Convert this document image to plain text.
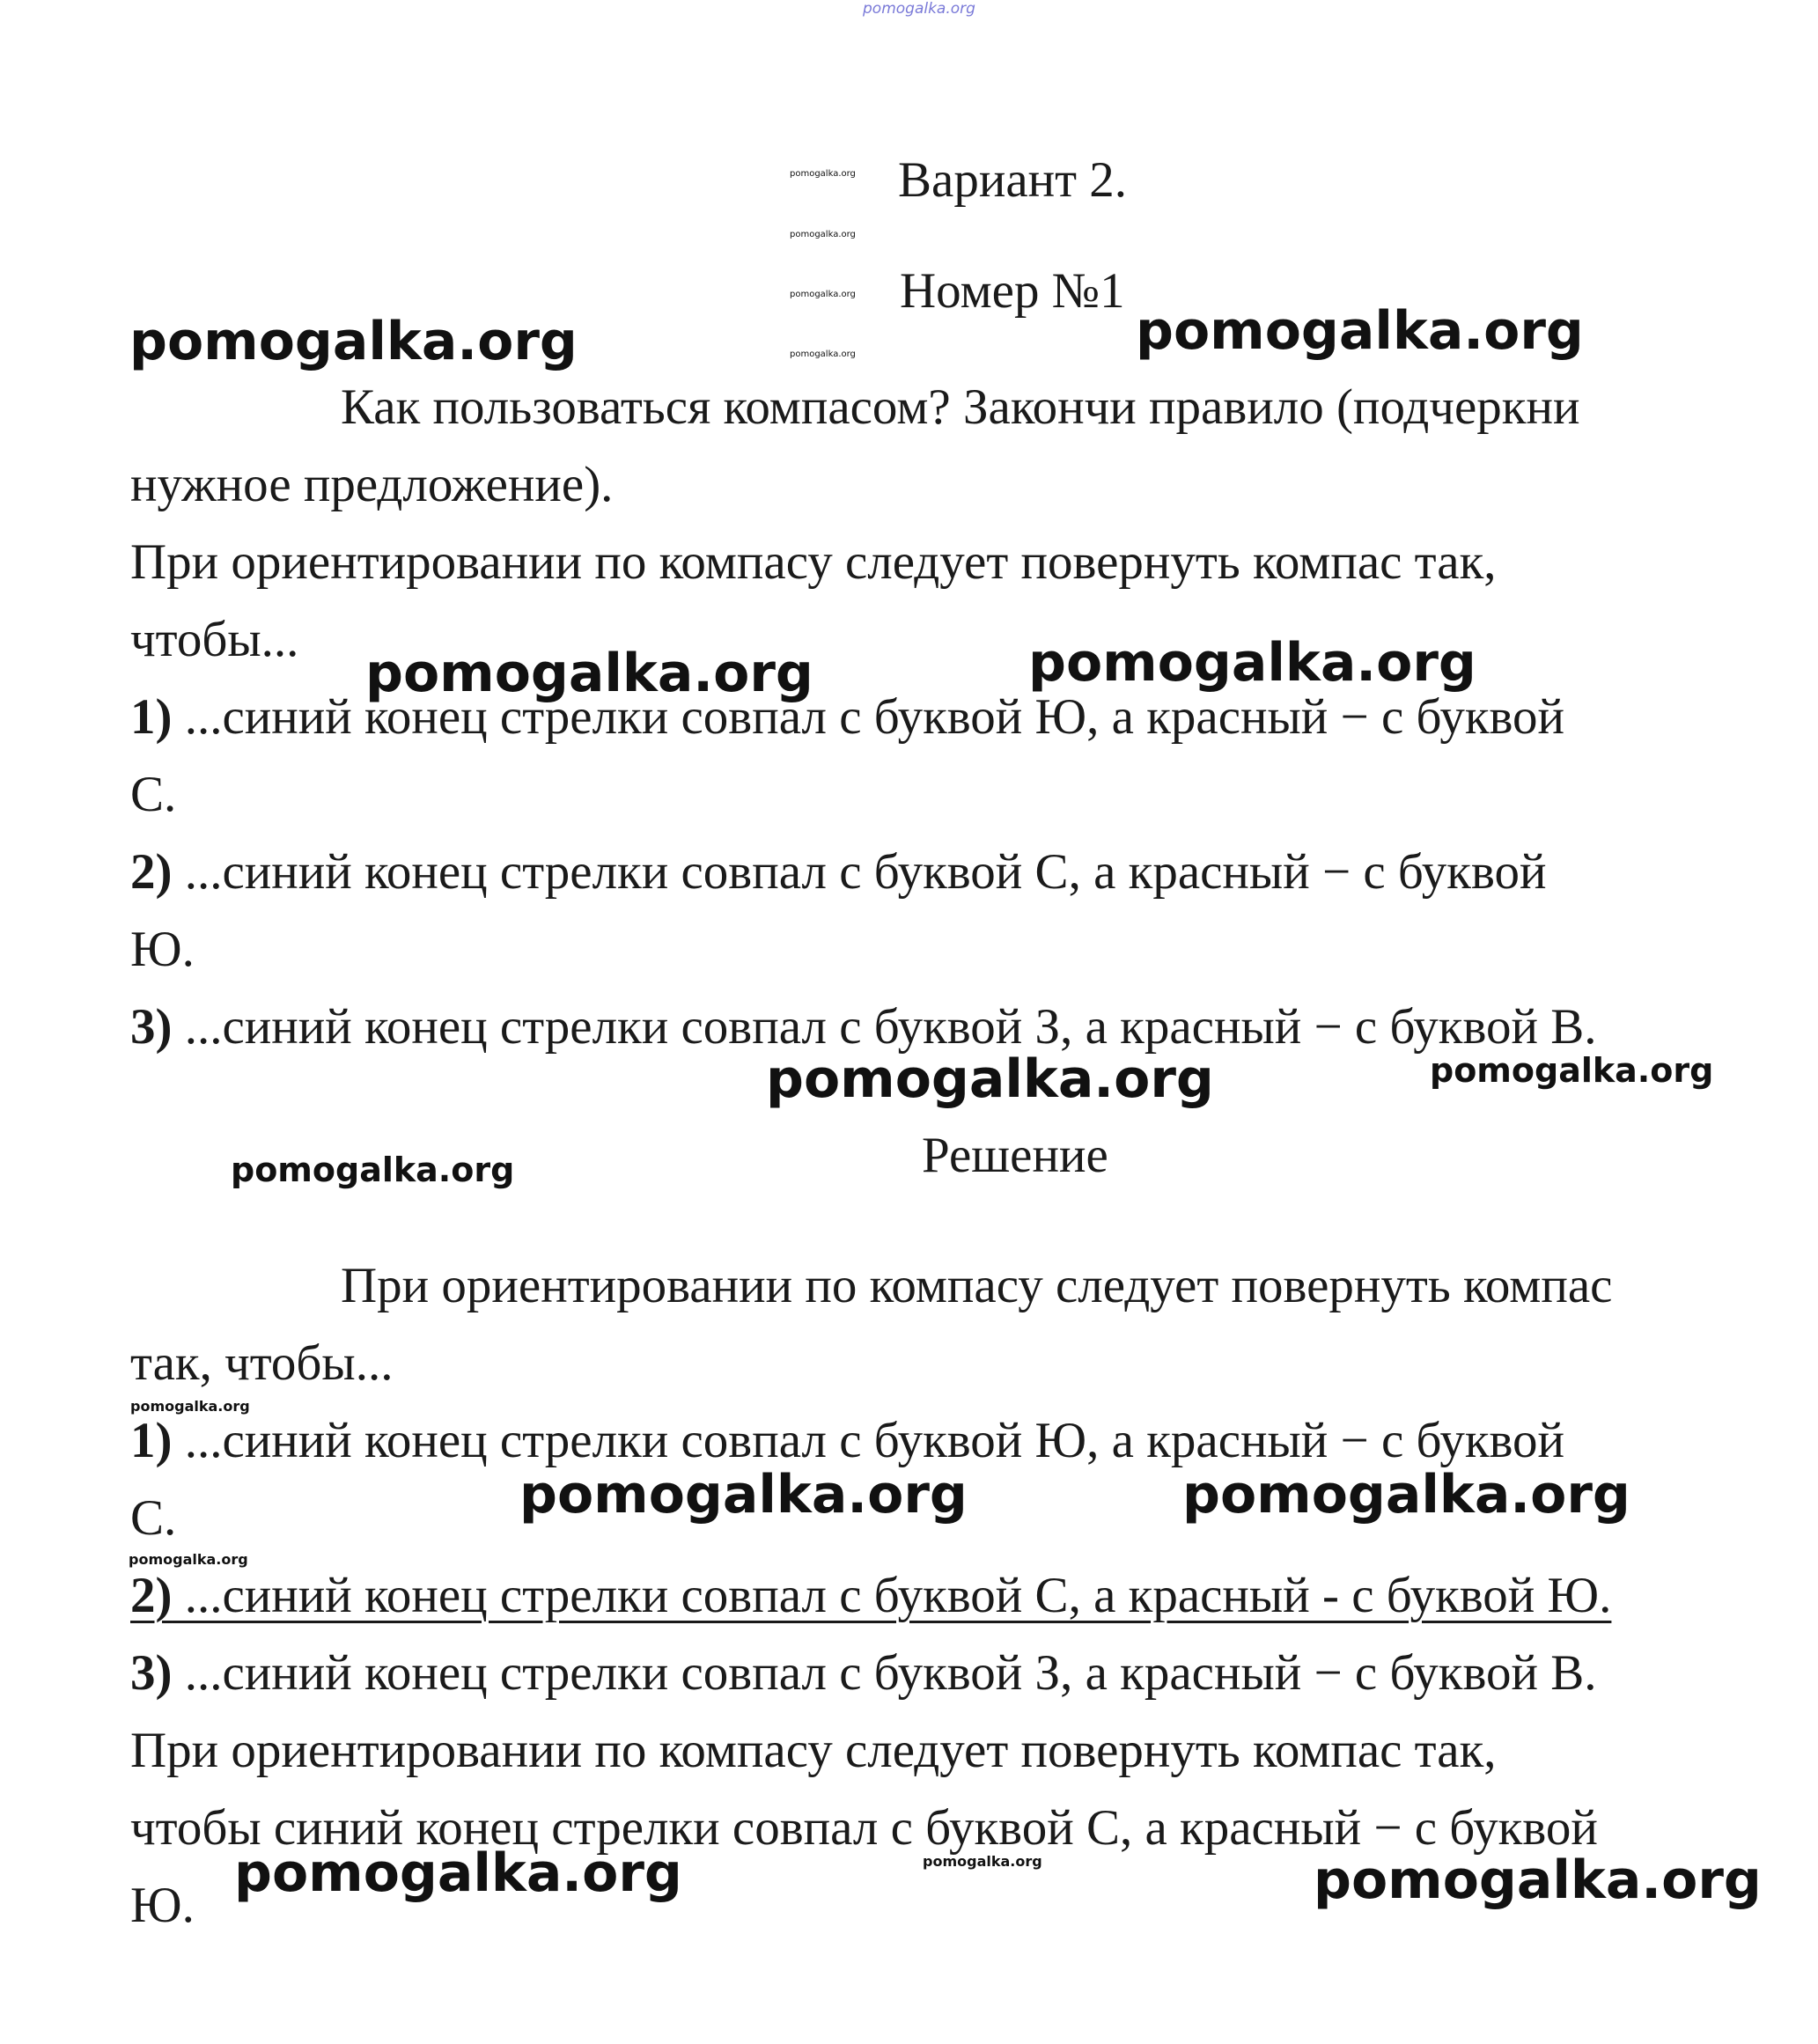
pomogalka.org
Вариант 2.
Номер №1
pomogalka.org
pomogalka.org
pomogalka.org
pomogalka.org
pomogalka.org	pomogalka.org
Как пользоваться компасом? Закончи правило (подчеркни
нужное предложение).
При ориентировании по компасу следует повернуть компас так,
чтобы...
pomogalka.org	pomogalka.org
1) ...синий конец стрелки совпал с буквой Ю, а красный − с буквой
С.
2) ...синий конец стрелки совпал с буквой С, а красный − с буквой
Ю.
3) ...синий конец стрелки совпал с буквой З, а красный − с буквой В.
pomogalka.org	pomogalka.org
pomogalka.org	Решение
При ориентировании по компасу следует повернуть компас
так, чтобы...
pomogalka.org
1) ...синий конец стрелки совпал с буквой Ю, а красный − с буквой
С.	pomogalka.org	pomogalka.org
pomogalka.org
2) ...синий конец стрелки совпал с буквой С, а красный - с буквой Ю.
3) ...синий конец стрелки совпал с буквой З, а красный − с буквой В.
При ориентировании по компасу следует повернуть компас так,
чтобы синий конец стрелки совпал с буквой С, а красный − с буквой
Ю.
pomogalka.org	pomogalka.org	pomogalka.org
